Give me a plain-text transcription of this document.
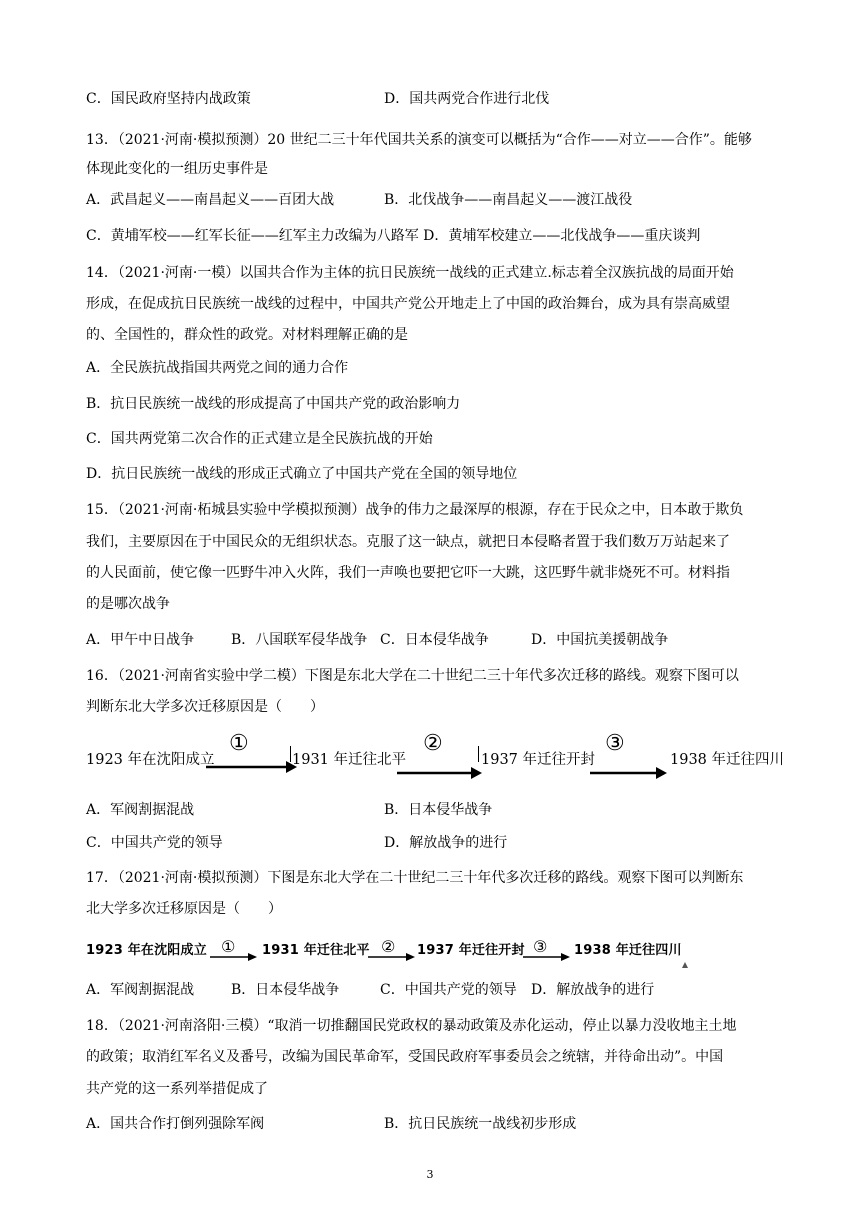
C．国民政府坚持内战政策	D．国共两党合作进行北伐
13．（2021·河南·模拟预测）20 世纪二三十年代国共关系的演变可以概括为“合作——对立——合作”。能够
体现此变化的一组历史事件是
A．武昌起义——南昌起义——百团大战	B．北伐战争——南昌起义——渡江战役
C．黄埔军校——红军长征——红军主力改编为八路军 D．黄埔军校建立——北伐战争——重庆谈判
14．（2021·河南·一模）以国共合作为主体的抗日民族统一战线的正式建立.标志着全汉族抗战的局面开始
形成，在促成抗日民族统一战线的过程中，中国共产党公开地走上了中国的政治舞台，成为具有崇高威望
的、全国性的，群众性的政党。对材料理解正确的是
A．全民族抗战指国共两党之间的通力合作
B．抗日民族统一战线的形成提高了中国共产党的政治影响力
C．国共两党第二次合作的正式建立是全民族抗战的开始
D．抗日民族统一战线的形成正式确立了中国共产党在全国的领导地位
15．（2021·河南·柘城县实验中学模拟预测）战争的伟力之最深厚的根源，存在于民众之中，日本敢于欺负
我们，主要原因在于中国民众的无组织状态。克服了这一缺点，就把日本侵略者置于我们数万万站起来了
的人民面前，使它像一匹野牛冲入火阵，我们一声唤也要把它吓一大跳，这匹野牛就非烧死不可。材料指
的是哪次战争
A．甲午中日战争	B．八国联军侵华战争 C．日本侵华战争	D．中国抗美援朝战争
16．（2021·河南省实验中学二模）下图是东北大学在二十世纪二三十年代多次迁移的路线。观察下图可以
判断东北大学多次迁移原因是（　　）
1923 年在沈阳成立
①
1931 年迁往北平
②
1937 年迁往开封
③
1938 年迁往四川
A．军阀割据混战	B．日本侵华战争
C．中国共产党的领导	D．解放战争的进行
17．（2021·河南·模拟预测）下图是东北大学在二十世纪二三十年代多次迁移的路线。观察下图可以判断东
北大学多次迁移原因是（　　）
1923 年在沈阳成立 ① 1931 年迁往北平 ② 1937 年迁往开封 ③ 1938 年迁往四川
A．军阀割据混战	B．日本侵华战争	C．中国共产党的领导 D．解放战争的进行
18．（2021·河南洛阳·三模）“取消一切推翻国民党政权的暴动政策及赤化运动，停止以暴力没收地主土地
的政策；取消红军名义及番号，改编为国民革命军，受国民政府军事委员会之统辖，并待命出动”。中国
共产党的这一系列举措促成了
A．国共合作打倒列强除军阀	B．抗日民族统一战线初步形成
3
